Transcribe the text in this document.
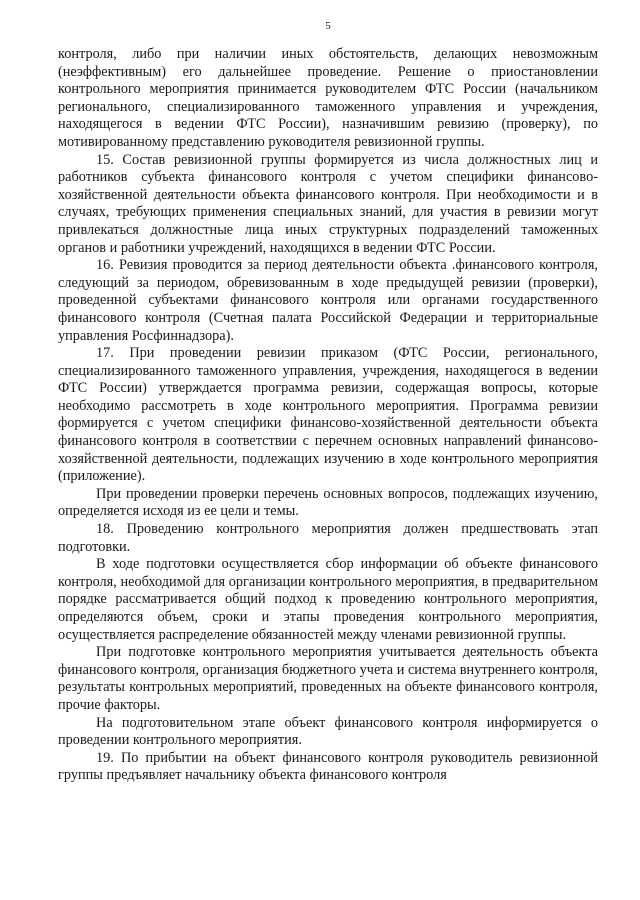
5

контроля, либо при наличии иных обстоятельств, делающих невозможным (неэффективным) его дальнейшее проведение. Решение о приостановлении контрольного мероприятия принимается руководителем ФТС России (начальником регионального, специализированного таможенного управления и учреждения, находящегося в ведении ФТС России), назначившим ревизию (проверку), по мотивированному представлению руководителя ревизионной группы.

15. Состав ревизионной группы формируется из числа должностных лиц и работников субъекта финансового контроля с учетом специфики финансово-хозяйственной деятельности объекта финансового контроля. При необходимости и в случаях, требующих применения специальных знаний, для участия в ревизии могут привлекаться должностные лица иных структурных подразделений таможенных органов и работники учреждений, находящихся в ведении ФТС России.

16. Ревизия проводится за период деятельности объекта .финансового контроля, следующий за периодом, обревизованным в ходе предыдущей ревизии (проверки), проведенной субъектами финансового контроля или органами государственного финансового контроля (Счетная палата Российской Федерации и территориальные управления Росфиннадзора).

17. При проведении ревизии приказом (ФТС России, регионального, специализированного таможенного управления, учреждения, находящегося в ведении ФТС России) утверждается программа ревизии, содержащая вопросы, которые необходимо рассмотреть в ходе контрольного мероприятия. Программа ревизии формируется с учетом специфики финансово-хозяйственной деятельности объекта финансового контроля в соответствии с перечнем основных направлений финансово-хозяйственной деятельности, подлежащих изучению в ходе контрольного мероприятия (приложение).

При проведении проверки перечень основных вопросов, подлежащих изучению, определяется исходя из ее цели и темы.

18. Проведению контрольного мероприятия должен предшествовать этап подготовки.

В ходе подготовки осуществляется сбор информации об объекте финансового контроля, необходимой для организации контрольного мероприятия, в предварительном порядке рассматривается общий подход к проведению контрольного мероприятия, определяются объем, сроки и этапы проведения контрольного мероприятия, осуществляется распределение обязанностей между членами ревизионной группы.

При подготовке контрольного мероприятия учитывается деятельность объекта финансового контроля, организация бюджетного учета и система внутреннего контроля, результаты контрольных мероприятий, проведенных на объекте финансового контроля, прочие факторы.

На подготовительном этапе объект финансового контроля информируется о проведении контрольного мероприятия.

19. По прибытии на объект финансового контроля руководитель ревизионной группы предъявляет начальнику объекта финансового контроля
